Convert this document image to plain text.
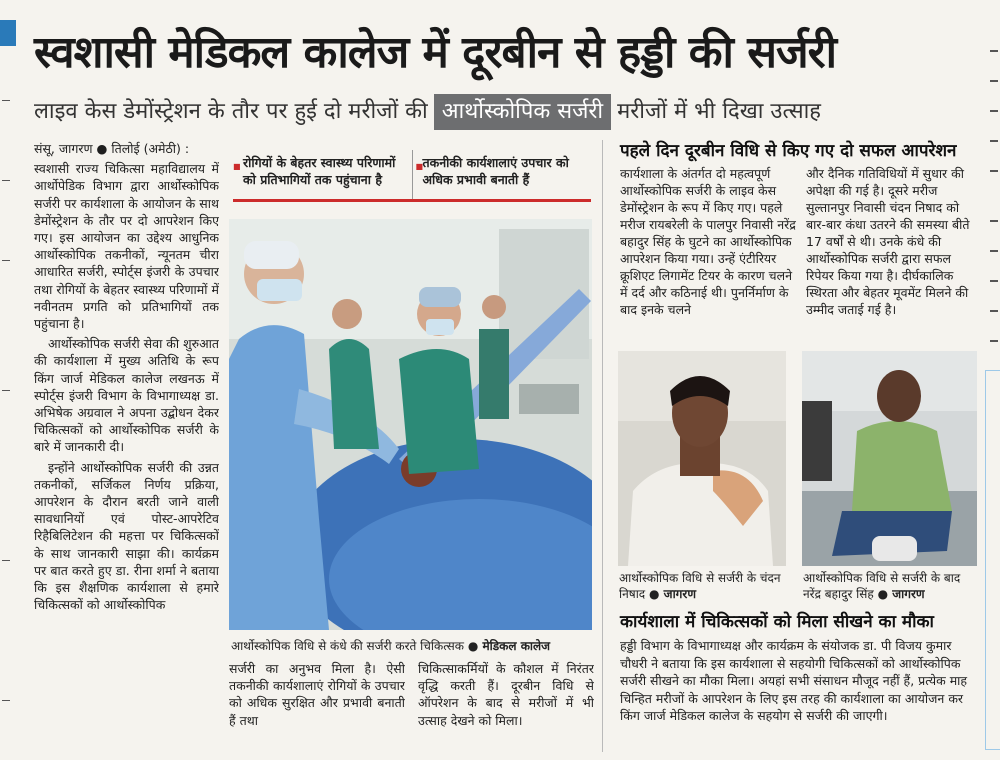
स्वशासी मेडिकल कालेज में दूरबीन से हड्डी की सर्जरी
लाइव केस डेमोंस्ट्रेशन के तौर पर हुई दो मरीजों की आर्थोस्कोपिक सर्जरी मरीजों में भी दिखा उत्साह

संसू, जागरण ● तिलोई (अमेठी) :

स्वशासी राज्य चिकित्सा महाविद्यालय में आर्थोपेडिक विभाग द्वारा आर्थोस्कोपिक सर्जरी पर कार्यशाला के आयोजन के साथ डेमोंस्ट्रेशन के तौर पर दो आपरेशन किए गए। इस आयोजन का उद्देश्य आधुनिक आर्थोस्कोपिक तकनीकों, न्यूनतम चीरा आधारित सर्जरी, स्पोर्ट्स इंजरी के उपचार तथा रोगियों के बेहतर स्वास्थ्य परिणामों में नवीनतम प्रगति को प्रतिभागियों तक पहुंचाना है।

आर्थोस्कोपिक सर्जरी सेवा की शुरुआत की कार्यशाला में मुख्य अतिथि के रूप किंग जार्ज मेडिकल कालेज लखनऊ में स्पोर्ट्स इंजरी विभाग के विभागाध्यक्ष डा. अभिषेक अग्रवाल ने अपना उद्बोधन देकर चिकित्सकों को आर्थोस्कोपिक सर्जरी के बारे में जानकारी दी।

इन्होंने आर्थोस्कोपिक सर्जरी की उन्नत तकनीकों, सर्जिकल निर्णय प्रक्रिया, आपरेशन के दौरान बरती जाने वाली सावधानियों एवं पोस्ट-आपरेटिव रिहैबिलिटेशन की महत्ता पर चिकित्सकों के साथ जानकारी साझा की। कार्यक्रम पर बात करते हुए डा. रीना शर्मा ने बताया कि इस शैक्षणिक कार्यशाला से हमारे चिकित्सकों को आर्थोस्कोपिक

■ रोगियों के बेहतर स्वास्थ्य परिणामों को प्रतिभागियों तक पहुंचाना है
■ तकनीकी कार्यशालाएं उपचार को अधिक प्रभावी बनाती हैं
आर्थोस्कोपिक विधि से कंधे की सर्जरी करते चिकित्सक ● मेडिकल कालेज

सर्जरी का अनुभव मिला है। ऐसी तकनीकी कार्यशालाएं रोगियों के उपचार को अधिक सुरक्षित और प्रभावी बनाती हैं तथा

चिकित्साकर्मियों के कौशल में निरंतर वृद्धि करती हैं। दूरबीन विधि से ऑपरेशन के बाद से मरीजों में भी उत्साह देखने को मिला।

पहले दिन दूरबीन विधि से किए गए दो सफल आपरेशन

कार्यशाला के अंतर्गत दो महत्वपूर्ण आर्थोस्कोपिक सर्जरी के लाइव केस डेमोंस्ट्रेशन के रूप में किए गए। पहले मरीज रायबरेली के पालपुर निवासी नरेंद्र बहादुर सिंह के घुटने का आर्थोस्कोपिक आपरेशन किया गया। उन्हें एंटीरियर क्रूशिएट लिगामेंट टियर के कारण चलने में दर्द और कठिनाई थी। पुनर्निर्माण के बाद इनके चलने

और दैनिक गतिविधियों में सुधार की अपेक्षा की गई है। दूसरे मरीज सुल्तानपुर निवासी चंदन निषाद को बार-बार कंधा उतरने की समस्या बीते 17 वर्षों से थी। उनके कंधे की आर्थोस्कोपिक सर्जरी द्वारा सफल रिपेयर किया गया है। दीर्घकालिक स्थिरता और बेहतर मूवमेंट मिलने की उम्मीद जताई गई है।

आर्थोस्कोपिक विधि से सर्जरी के चंदन निषाद ● जागरण
आर्थोस्कोपिक विधि से सर्जरी के बाद नरेंद्र बहादुर सिंह ● जागरण
कार्यशाला में चिकित्सकों को मिला सीखने का मौका

हड्डी विभाग के विभागाध्यक्ष और कार्यक्रम के संयोजक डा. पी विजय कुमार चौधरी ने बताया कि इस कार्यशाला से सहयोगी चिकित्सकों को आर्थोस्कोपिक सर्जरी सीखने का मौका मिला। अयहां सभी संसाधन मौजूद नहीं हैं, प्रत्येक माह चिन्हित मरीजों के आपरेशन के लिए इस तरह की कार्यशाला का आयोजन कर किंग जार्ज मेडिकल कालेज के सहयोग से सर्जरी की जाएगी।
